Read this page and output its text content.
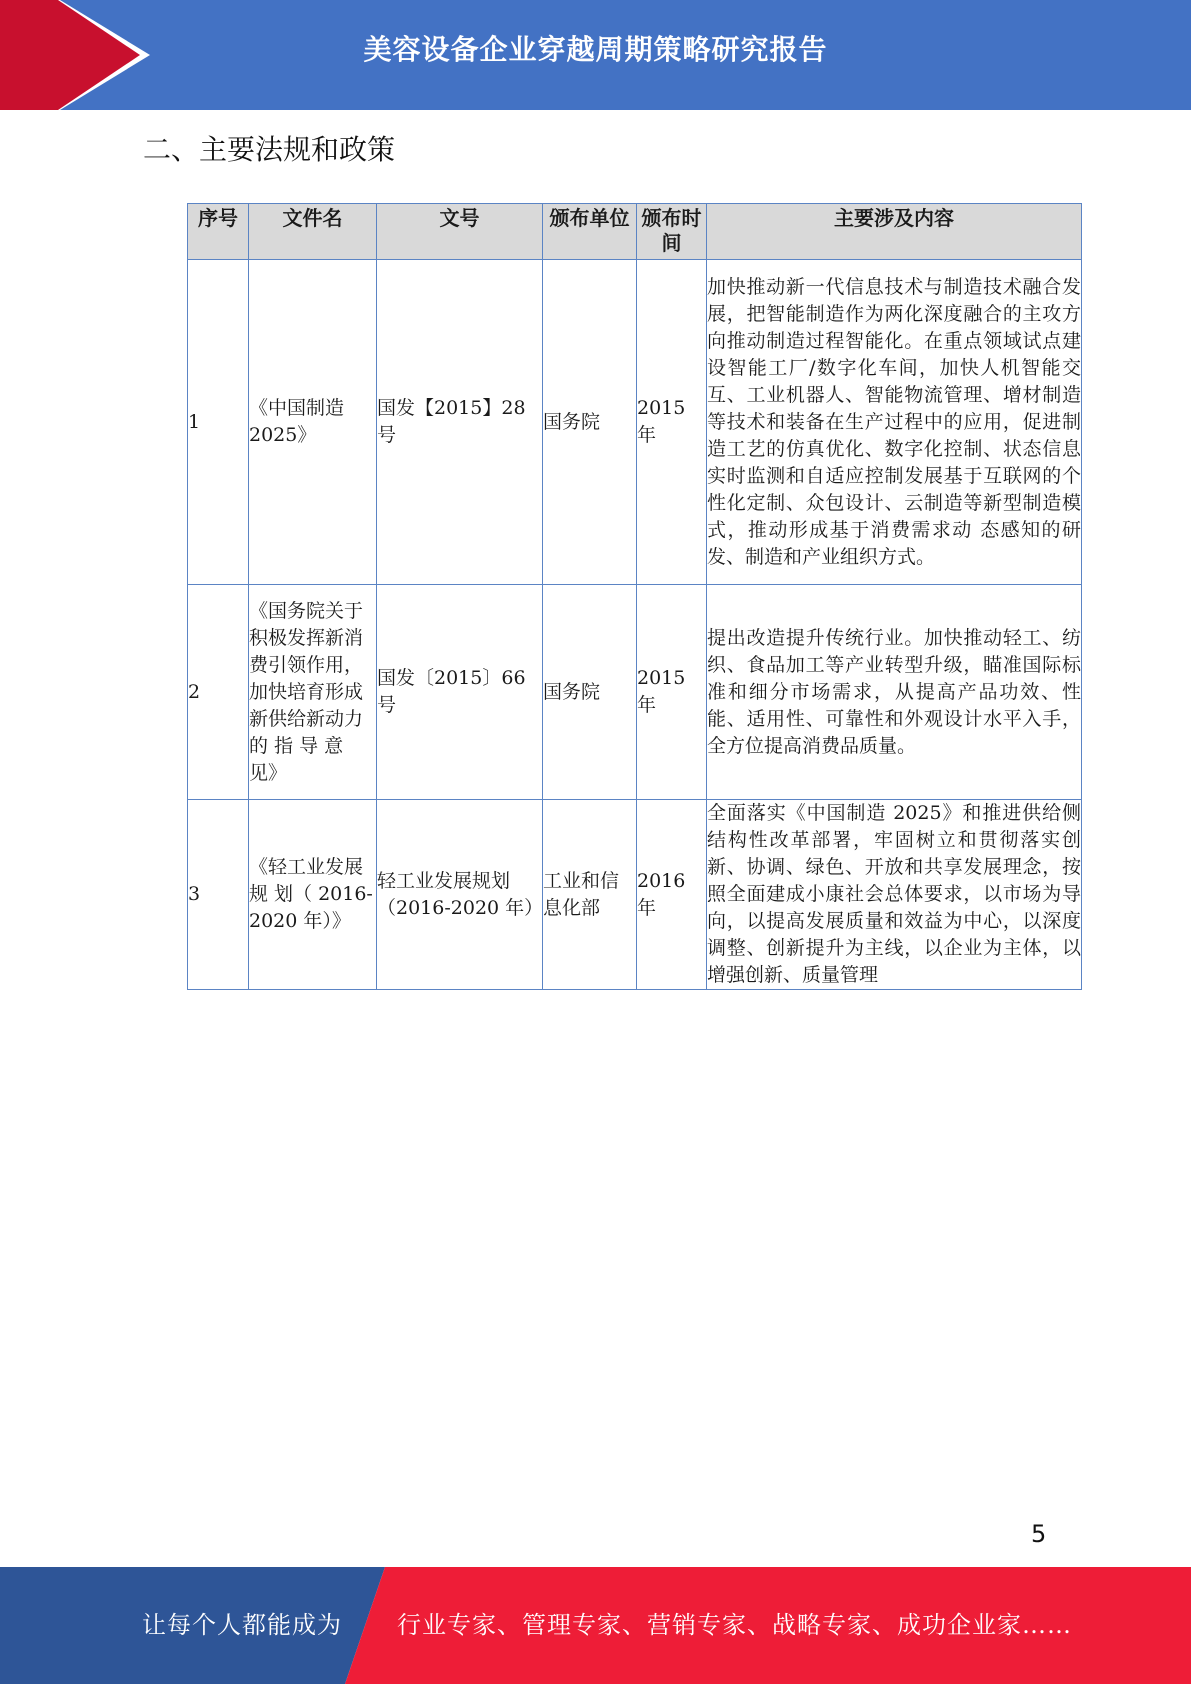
美容设备企业穿越周期策略研究报告
二、主要法规和政策
序号	文件名	文号	颁布单位	颁布时间	主要涉及内容
1	《中国制造 2025》	国发【2015】28 号	国务院	2015 年	加快推动新一代信息技术与制造技术融合发展，把智能制造作为两化深度融合的主攻方向推动制造过程智能化。在重点领域试点建设智能工厂/数字化车间，加快人机智能交互、工业机器人、智能物流管理、增材制造等技术和装备在生产过程中的应用，促进制造工艺的仿真优化、数字化控制、状态信息实时监测和自适应控制发展基于互联网的个性化定制、众包设计、云制造等新型制造模式，推动形成基于消费需求动 态感知的研发、制造和产业组织方式。
2	《国务院关于积极发挥新消费引领作用，加快培育形成新供给新动力的 指 导 意 见》	国发〔2015〕66 号	国务院	2015 年	提出改造提升传统行业。加快推动轻工、纺织、食品加工等产业转型升级，瞄准国际标准和细分市场需求，从提高产品功效、性能、适用性、可靠性和外观设计水平入手，全方位提高消费品质量。
3	《轻工业发展 规 划（ 2016-2020 年）》	轻工业发展规划（2016-2020 年）	工业和信息化部	2016 年	全面落实《中国制造 2025》和推进供给侧结构性改革部署，牢固树立和贯彻落实创新、协调、绿色、开放和共享发展理念，按照全面建成小康社会总体要求，以市场为导向，以提高发展质量和效益为中心，以深度调整、创新提升为主线，以企业为主体，以增强创新、质量管理
5
让每个人都能成为 行业专家、管理专家、营销专家、战略专家、成功企业家……
